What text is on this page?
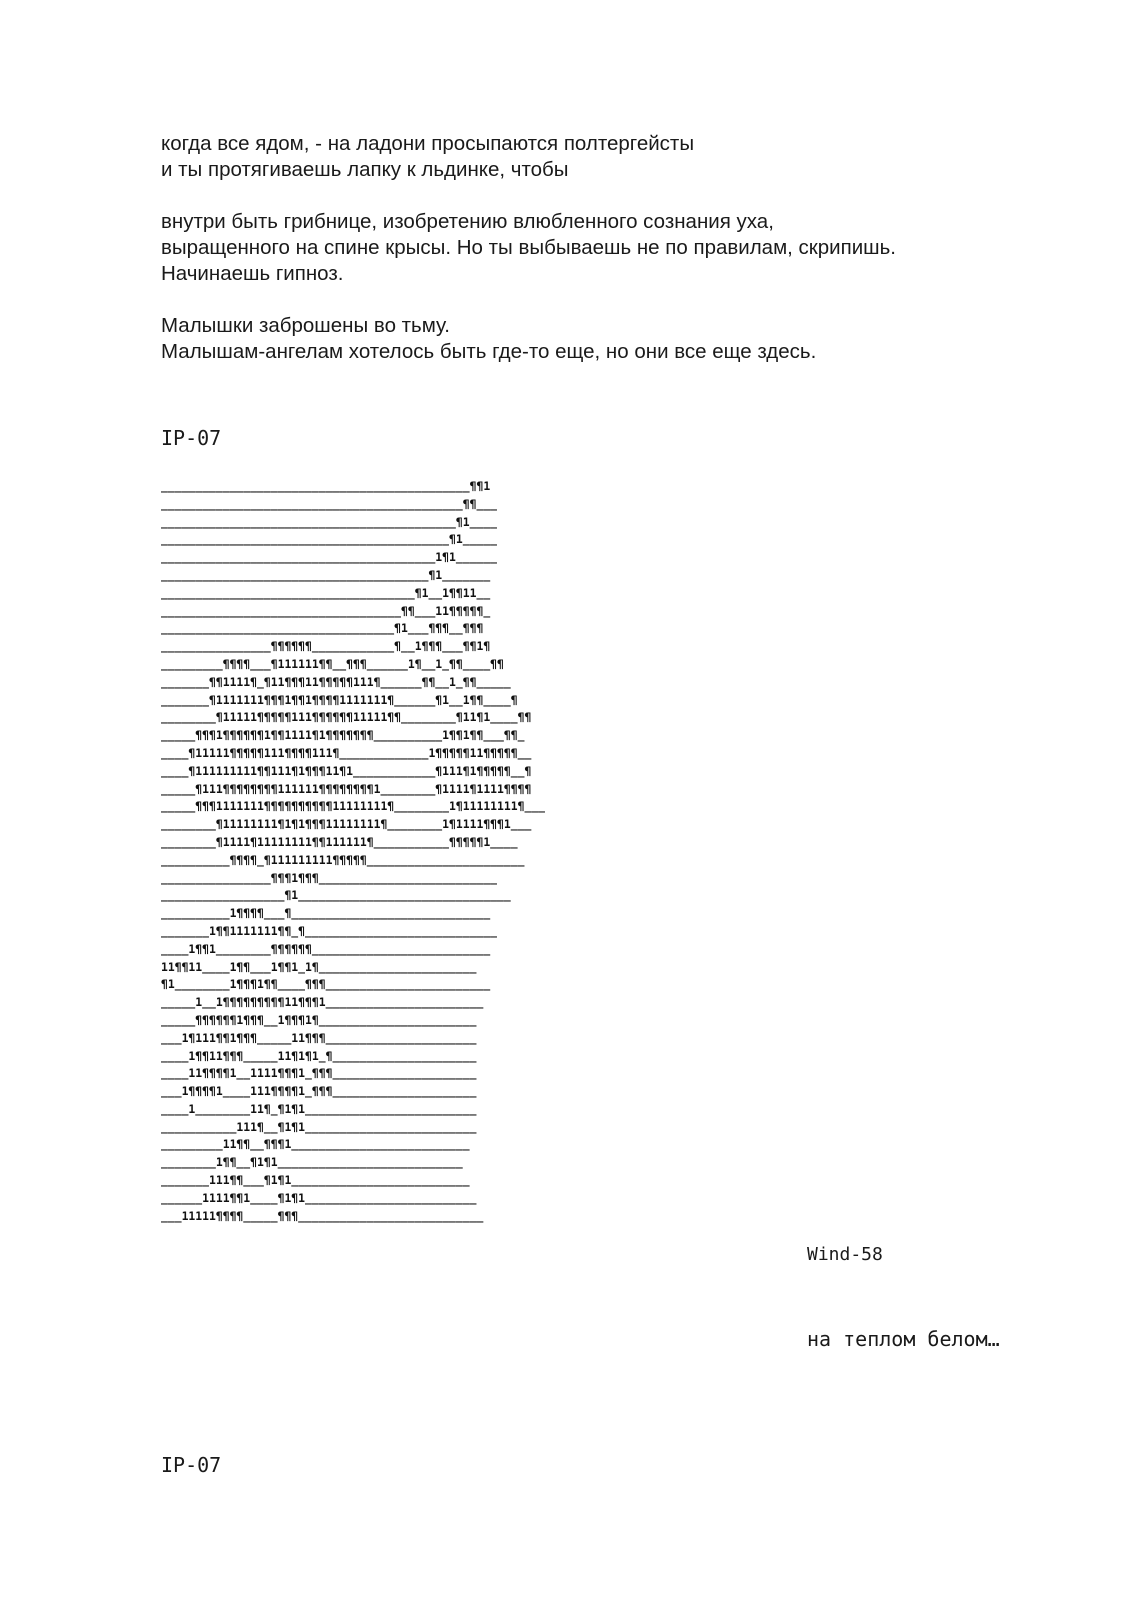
когда все ядом, - на ладони просыпаются полтергейсты
и ты протягиваешь лапку к льдинке, чтобы

внутри быть грибнице, изобретению влюбленного сознания уха,
выращенного на спине крысы. Но ты выбываешь не по правилам, скрипишь.
Начинаешь гипноз.

Малышки заброшены во тьму.
Малышам-ангелам хотелось быть где-то еще, но они все еще здесь.

IP-07
_____________________________________________¶¶1
____________________________________________¶¶___
___________________________________________¶1____
__________________________________________¶1_____
________________________________________1¶1______
_______________________________________¶1_______
_____________________________________¶1__1¶¶11__
___________________________________¶¶___11¶¶¶¶¶_
__________________________________¶1___¶¶¶__¶¶¶
________________¶¶¶¶¶¶____________¶__1¶¶¶___¶¶1¶
_________¶¶¶¶___¶111111¶¶__¶¶¶______1¶__1_¶¶____¶¶
_______¶¶1111¶_¶11¶¶¶11¶¶¶¶¶111¶______¶¶__1_¶¶_____
_______¶1111111¶¶¶1¶¶1¶¶¶¶1111111¶______¶1__1¶¶____¶
________¶11111¶¶¶¶¶111¶¶¶¶¶¶11111¶¶________¶11¶1____¶¶
_____¶¶¶1¶¶¶¶¶¶1¶¶1111¶1¶¶¶¶¶¶¶__________1¶¶1¶¶___¶¶_
____¶11111¶¶¶¶¶111¶¶¶¶111¶_____________1¶¶¶¶¶11¶¶¶¶¶__
____¶111111111¶¶111¶1¶¶¶11¶1____________¶111¶1¶¶¶¶¶__¶
_____¶111¶¶¶¶¶¶¶¶111111¶¶¶¶¶¶¶¶1________¶1111¶1111¶¶¶¶
_____¶¶¶1111111¶¶¶¶¶¶¶¶¶¶11111111¶________1¶11111111¶___
________¶11111111¶1¶1¶¶¶11111111¶________1¶1111¶¶¶1___
________¶1111¶11111111¶¶111111¶___________¶¶¶¶¶1____
__________¶¶¶¶_¶111111111¶¶¶¶¶_______________________
________________¶¶¶1¶¶¶__________________________
__________________¶1_______________________________
__________1¶¶¶¶___¶_____________________________
_______1¶¶1111111¶¶_¶____________________________
____1¶¶1________¶¶¶¶¶¶__________________________
11¶¶11____1¶¶___1¶¶1_1¶_______________________
¶1________1¶¶¶1¶¶____¶¶¶________________________
_____1__1¶¶¶¶¶¶¶¶¶11¶¶¶1_______________________
_____¶¶¶¶¶¶1¶¶¶__1¶¶¶1¶_______________________
___1¶111¶¶1¶¶¶_____11¶¶¶______________________
____1¶¶11¶¶¶_____11¶1¶1_¶_____________________
____11¶¶¶¶1__1111¶¶¶1_¶¶¶_____________________
___1¶¶¶¶1____111¶¶¶¶1_¶¶¶_____________________
____1________11¶_¶1¶1_________________________
___________111¶__¶1¶1_________________________
_________11¶¶__¶¶¶1__________________________
________1¶¶__¶1¶1___________________________
_______111¶¶___¶1¶1__________________________
______1111¶¶1____¶1¶1_________________________
___11111¶¶¶¶_____¶¶¶___________________________
Wind-58
на теплом белом…
IP-07
